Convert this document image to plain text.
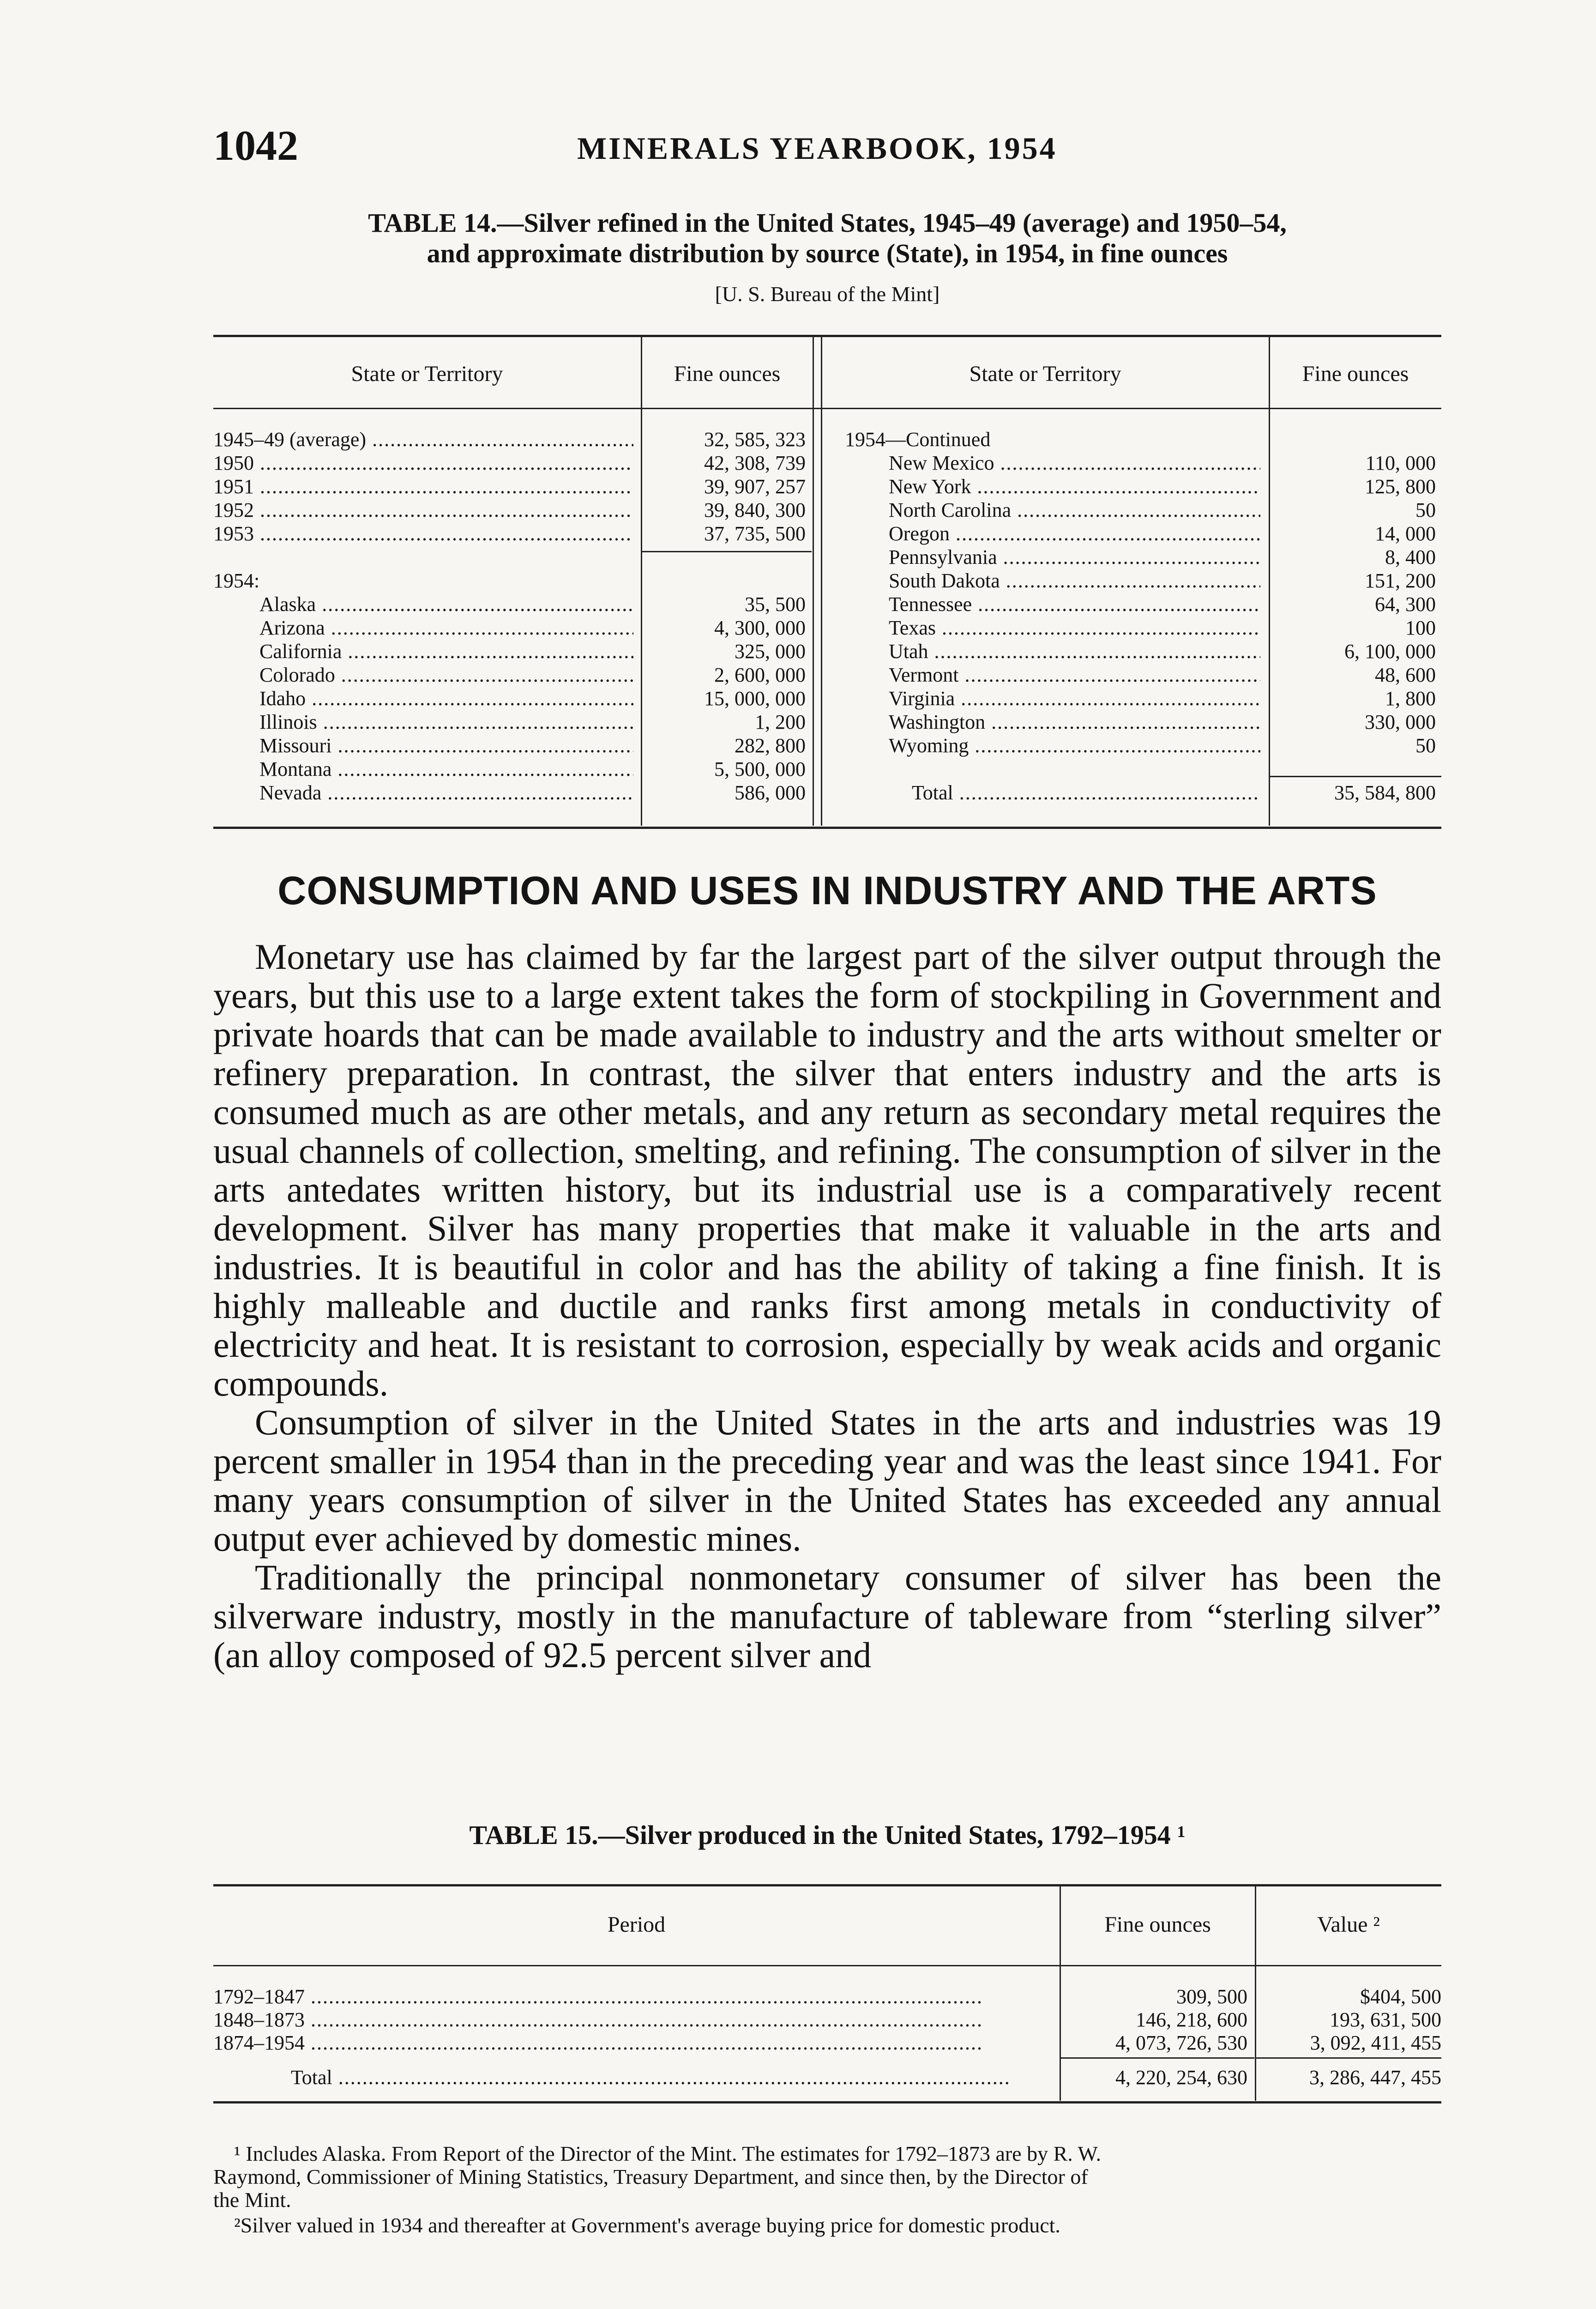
1042	MINERALS YEARBOOK, 1954
TABLE 14.—Silver refined in the United States, 1945–49 (average) and 1950–54,
and approximate distribution by source (State), in 1954, in fine ounces
[U. S. Bureau of the Mint]
State or Territory	Fine ounces	State or Territory	Fine ounces
1945–49 (average) .....	32, 585, 323
1950 .....	42, 308, 739
1951 .....	39, 907, 257
1952 .....	39, 840, 300
1953 .....	37, 735, 500
1954:
Alaska .....	35, 500
Arizona .....	4, 300, 000
California .....	325, 000
Colorado .....	2, 600, 000
Idaho .....	15, 000, 000
Illinois .....	1, 200
Missouri .....	282, 800
Montana .....	5, 500, 000
Nevada .....	586, 000
1954—Continued
New Mexico .....	110, 000
New York .....	125, 800
North Carolina .....	50
Oregon .....	14, 000
Pennsylvania .....	8, 400
South Dakota .....	151, 200
Tennessee .....	64, 300
Texas .....	100
Utah .....	6, 100, 000
Vermont .....	48, 600
Virginia .....	1, 800
Washington .....	330, 000
Wyoming .....	50
Total .....	35, 584, 800
CONSUMPTION AND USES IN INDUSTRY AND THE ARTS

Monetary use has claimed by far the largest part of the silver output through the years, but this use to a large extent takes the form of stockpiling in Government and private hoards that can be made available to industry and the arts without smelter or refinery preparation. In contrast, the silver that enters industry and the arts is consumed much as are other metals, and any return as secondary metal requires the usual channels of collection, smelting, and refining. The consumption of silver in the arts antedates written history, but its industrial use is a comparatively recent development. Silver has many properties that make it valuable in the arts and industries. It is beautiful in color and has the ability of taking a fine finish. It is highly malleable and ductile and ranks first among metals in conductivity of electricity and heat. It is resistant to corrosion, especially by weak acids and organic compounds.

Consumption of silver in the United States in the arts and industries was 19 percent smaller in 1954 than in the preceding year and was the least since 1941. For many years consumption of silver in the United States has exceeded any annual output ever achieved by domestic mines.

Traditionally the principal nonmonetary consumer of silver has been the silverware industry, mostly in the manufacture of tableware from “sterling silver” (an alloy composed of 92.5 percent silver and

TABLE 15.—Silver produced in the United States, 1792–1954 ¹
Period	Fine ounces	Value ²
1792–1847 .....	309, 500	$404, 500
1848–1873 .....	146, 218, 600	193, 631, 500
1874–1954 .....	4, 073, 726, 530	3, 092, 411, 455
Total .....	4, 220, 254, 630	3, 286, 447, 455
¹ Includes Alaska. From Report of the Director of the Mint. The estimates for 1792–1873 are by R. W.
Raymond, Commissioner of Mining Statistics, Treasury Department, and since then, by the Director of
the Mint.
²Silver valued in 1934 and thereafter at Government's average buying price for domestic product.
